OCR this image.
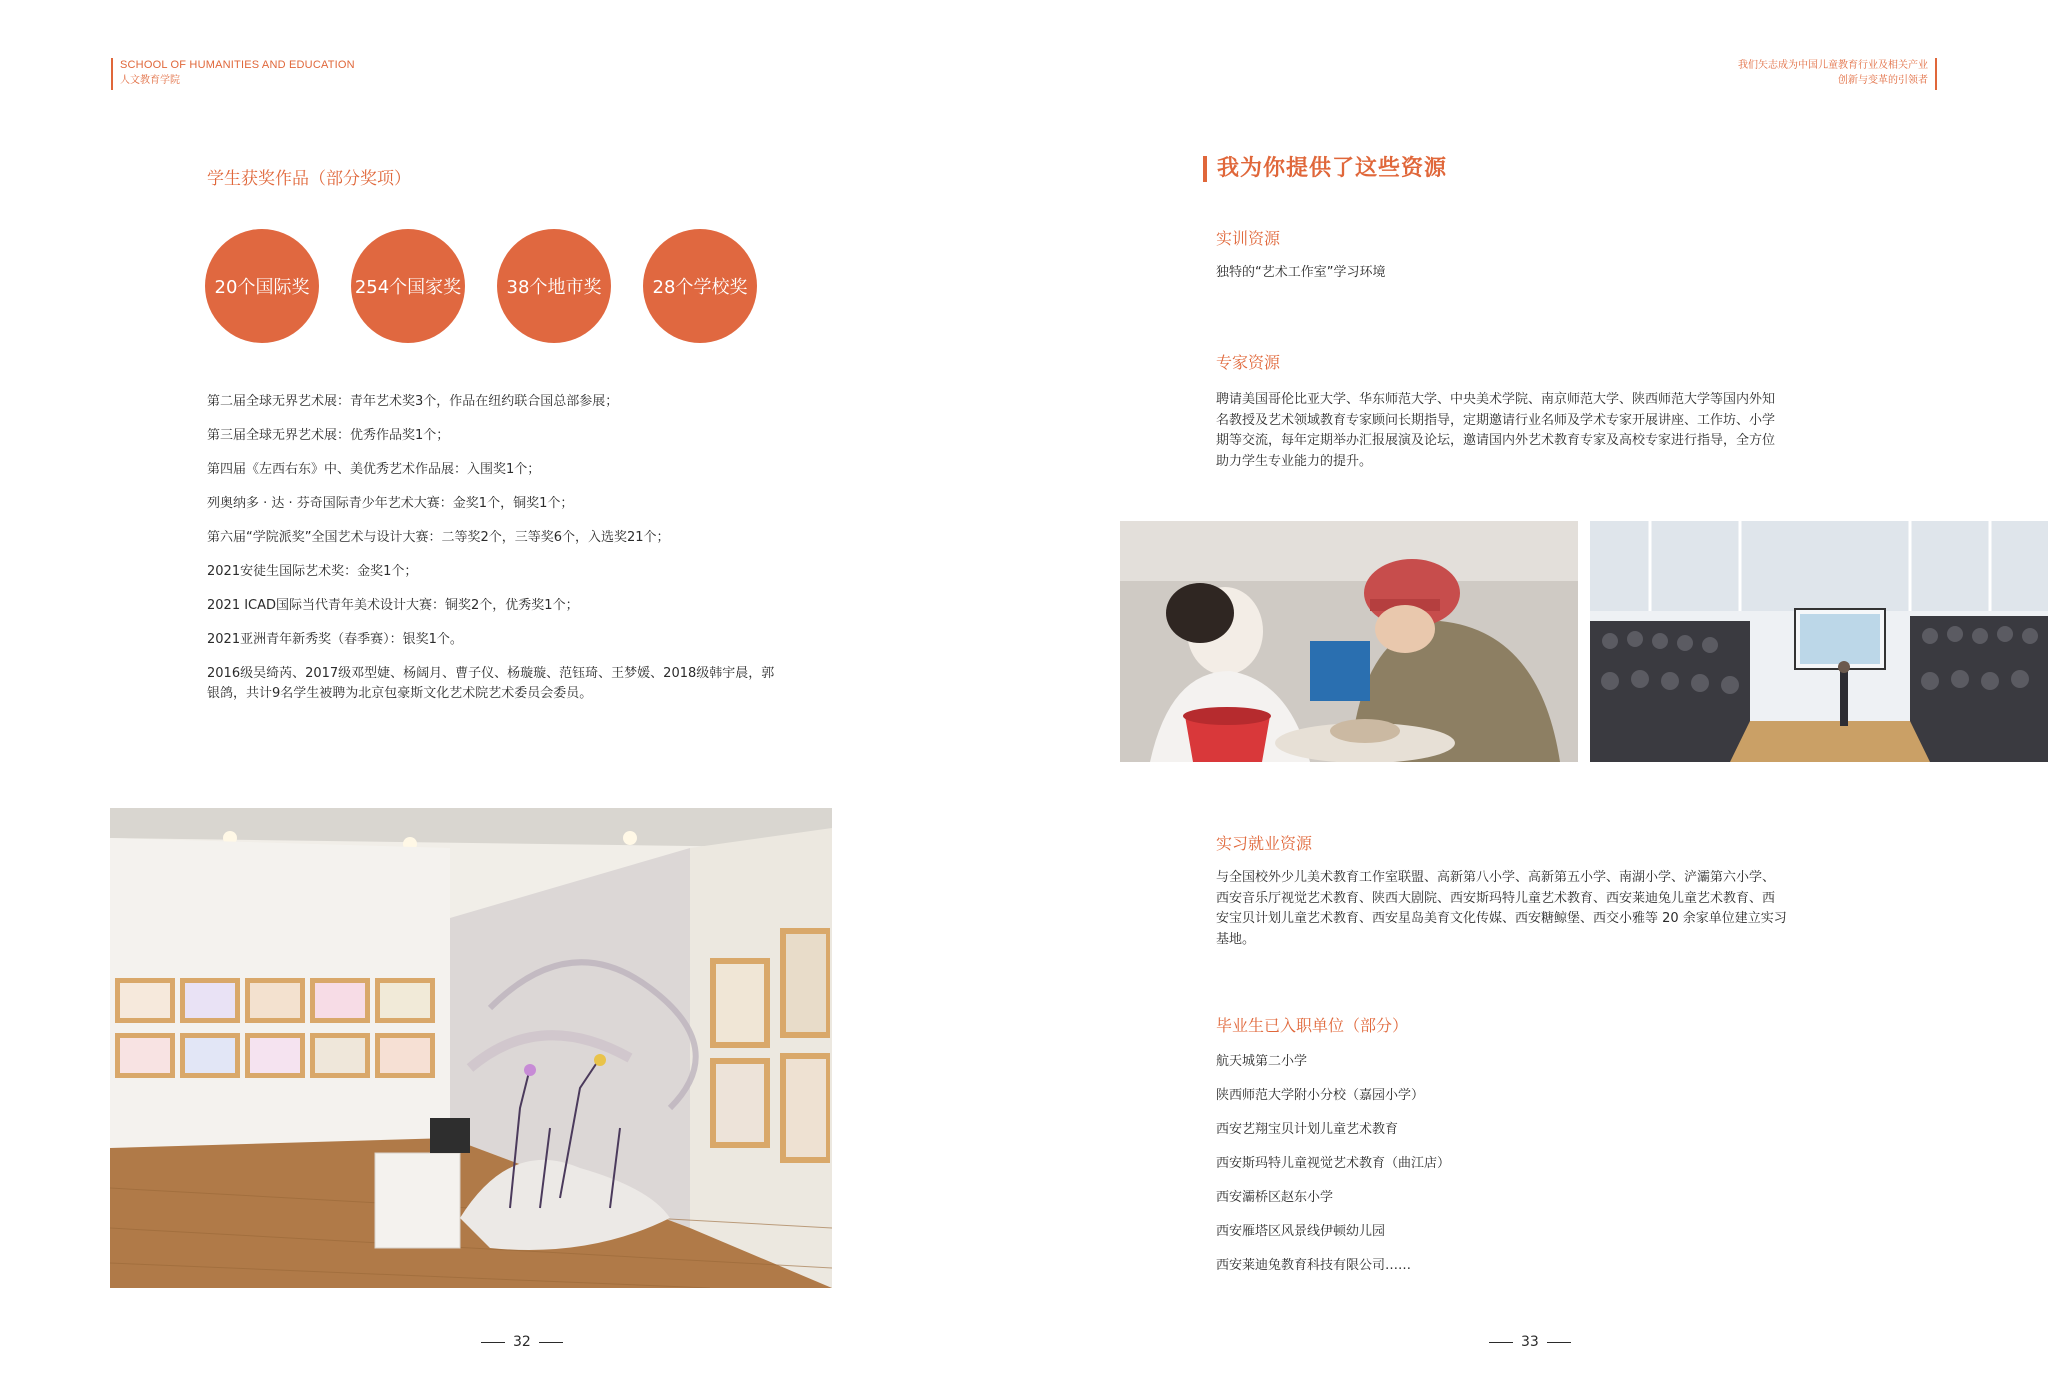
SCHOOL OF HUMANITIES AND EDUCATION
人文教育学院
我们矢志成为中国儿童教育行业及相关产业
创新与变革的引领者
学生获奖作品（部分奖项）
20个国际奖	254个国家奖	38个地市奖	28个学校奖
第二届全球无界艺术展：青年艺术奖3个，作品在纽约联合国总部参展；
第三届全球无界艺术展：优秀作品奖1个；
第四届《左西右东》中、美优秀艺术作品展：入围奖1个；
列奥纳多 · 达 · 芬奇国际青少年艺术大赛：金奖1个，铜奖1个；
第六届“学院派奖”全国艺术与设计大赛：二等奖2个，三等奖6个，入选奖21个；
2021安徒生国际艺术奖：金奖1个；
2021 ICAD国际当代青年美术设计大赛：铜奖2个，优秀奖1个；
2021亚洲青年新秀奖（春季赛）：银奖1个。
2016级吴绮芮、2017级邓型婕、杨阔月、曹子仪、杨璇璇、范钰琦、王梦媛、2018级韩宇晨，郭
银鸽，共计9名学生被聘为北京包豪斯文化艺术院艺术委员会委员。
32
我为你提供了这些资源
实训资源
独特的“艺术工作室”学习环境
专家资源
聘请美国哥伦比亚大学、华东师范大学、中央美术学院、南京师范大学、陕西师范大学等国内外知
名教授及艺术领域教育专家顾问长期指导，定期邀请行业名师及学术专家开展讲座、工作坊、小学
期等交流，每年定期举办汇报展演及论坛，邀请国内外艺术教育专家及高校专家进行指导，全方位
助力学生专业能力的提升。
实习就业资源
与全国校外少儿美术教育工作室联盟、高新第八小学、高新第五小学、南湖小学、浐灞第六小学、
西安音乐厅视觉艺术教育、陕西大剧院、西安斯玛特儿童艺术教育、西安莱迪兔儿童艺术教育、西
安宝贝计划儿童艺术教育、西安星岛美育文化传媒、西安糖鲸堡、西交小雅等 20 余家单位建立实习
基地。
毕业生已入职单位（部分）
航天城第二小学
陕西师范大学附小分校（嘉园小学）
西安艺翔宝贝计划儿童艺术教育
西安斯玛特儿童视觉艺术教育（曲江店）
西安灞桥区赵东小学
西安雁塔区风景线伊顿幼儿园
西安莱迪兔教育科技有限公司……
33
